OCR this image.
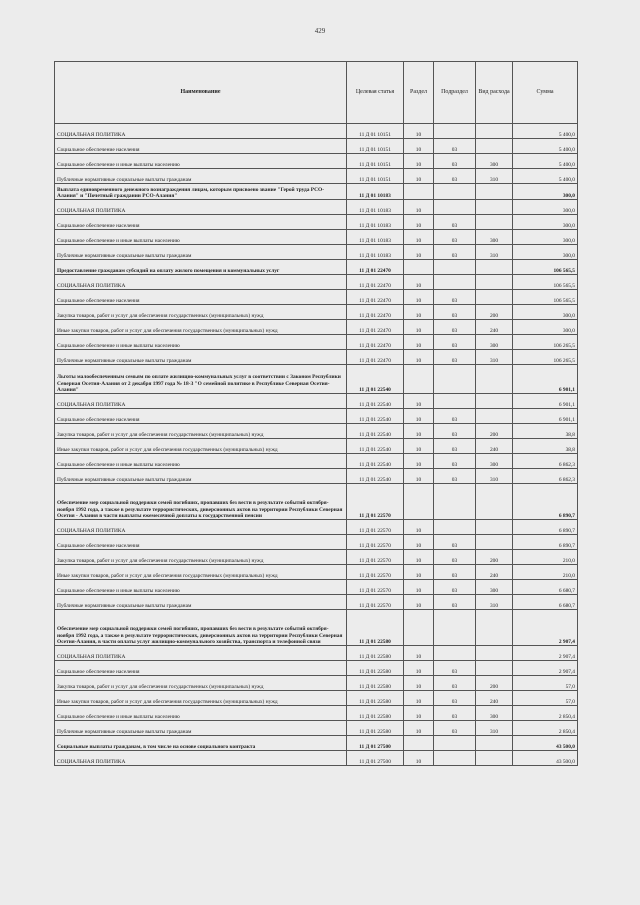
429
Наименование	Целевая статья	Раздел	Подраздел	Вид расхода	Сумма
СОЦИАЛЬНАЯ ПОЛИТИКА	11 Д 01 10151	10			5 400,0
Социальное обеспечение населения	11 Д 01 10151	10	03		5 400,0
Социальное обеспечение и иные выплаты населению	11 Д 01 10151	10	03	300	5 400,0
Публичные нормативные социальные выплаты гражданам	11 Д 01 10151	10	03	310	5 400,0
Выплата единовременного денежного вознаграждения лицам, которым присвоено звание "Герой труда РСО-Алания" и "Почетный гражданин РСО-Алания"	11 Д 01 10183				300,0
СОЦИАЛЬНАЯ ПОЛИТИКА	11 Д 01 10183	10			300,0
Социальное обеспечение населения	11 Д 01 10183	10	03		300,0
Социальное обеспечение и иные выплаты населению	11 Д 01 10183	10	03	300	300,0
Публичные нормативные социальные выплаты гражданам	11 Д 01 10183	10	03	310	300,0
Предоставление гражданам субсидий на оплату жилого помещения и коммунальных услуг	11 Д 01 22470				106 565,5
СОЦИАЛЬНАЯ ПОЛИТИКА	11 Д 01 22470	10			106 565,5
Социальное обеспечение населения	11 Д 01 22470	10	03		106 565,5
Закупка товаров, работ и услуг для обеспечения государственных (муниципальных) нужд	11 Д 01 22470	10	03	200	300,0
Иные закупки товаров, работ и услуг для обеспечения государственных (муниципальных) нужд	11 Д 01 22470	10	03	240	300,0
Социальное обеспечение и иные выплаты населению	11 Д 01 22470	10	03	300	106 265,5
Публичные нормативные социальные выплаты гражданам	11 Д 01 22470	10	03	310	106 265,5
Льготы малообеспеченным семьям по оплате жилищно-коммунальных услуг в соответствии с Законом Республики Северная Осетия-Алания от 2 декабря 1997 года № 18-З "О семейной политике в Республике Северная Осетия-Алания"	11 Д 01 22540				6 901,1
СОЦИАЛЬНАЯ ПОЛИТИКА	11 Д 01 22540	10			6 901,1
Социальное обеспечение населения	11 Д 01 22540	10	03		6 901,1
Закупка товаров, работ и услуг для обеспечения государственных (муниципальных) нужд	11 Д 01 22540	10	03	200	38,8
Иные закупки товаров, работ и услуг для обеспечения государственных (муниципальных) нужд	11 Д 01 22540	10	03	240	38,8
Социальное обеспечение и иные выплаты населению	11 Д 01 22540	10	03	300	6 862,3
Публичные нормативные социальные выплаты гражданам	11 Д 01 22540	10	03	310	6 862,3
Обеспечение мер социальной поддержки семей погибших, пропавших без вести в результате событий октября-ноября 1992 года, а также в результате террористических, диверсионных актов на территории Республики Северная Осетия - Алания в части выплаты ежемесячной доплаты к государственной пенсии	11 Д 01 22570				6 890,7
СОЦИАЛЬНАЯ ПОЛИТИКА	11 Д 01 22570	10			6 890,7
Социальное обеспечение населения	11 Д 01 22570	10	03		6 890,7
Закупка товаров, работ и услуг для обеспечения государственных (муниципальных) нужд	11 Д 01 22570	10	03	200	210,0
Иные закупки товаров, работ и услуг для обеспечения государственных (муниципальных) нужд	11 Д 01 22570	10	03	240	210,0
Социальное обеспечение и иные выплаты населению	11 Д 01 22570	10	03	300	6 680,7
Публичные нормативные социальные выплаты гражданам	11 Д 01 22570	10	03	310	6 680,7
Обеспечение мер социальной поддержки семей погибших, пропавших без вести в результате событий октября-ноября 1992 года, а также в результате террористических, диверсионных актов на территории Республики Северная Осетия-Алания, в части оплаты услуг жилищно-коммунального хозяйства, транспорта и телефонной связи	11 Д 01 22580				2 907,4
СОЦИАЛЬНАЯ ПОЛИТИКА	11 Д 01 22580	10			2 907,4
Социальное обеспечение населения	11 Д 01 22580	10	03		2 907,4
Закупка товаров, работ и услуг для обеспечения государственных (муниципальных) нужд	11 Д 01 22580	10	03	200	57,0
Иные закупки товаров, работ и услуг для обеспечения государственных (муниципальных) нужд	11 Д 01 22580	10	03	240	57,0
Социальное обеспечение и иные выплаты населению	11 Д 01 22580	10	03	300	2 850,4
Публичные нормативные социальные выплаты гражданам	11 Д 01 22580	10	03	310	2 850,4
Социальные выплаты гражданам, в том числе на основе социального контракта	11 Д 01 27500				43 500,0
СОЦИАЛЬНАЯ ПОЛИТИКА	11 Д 01 27500	10			43 500,0
